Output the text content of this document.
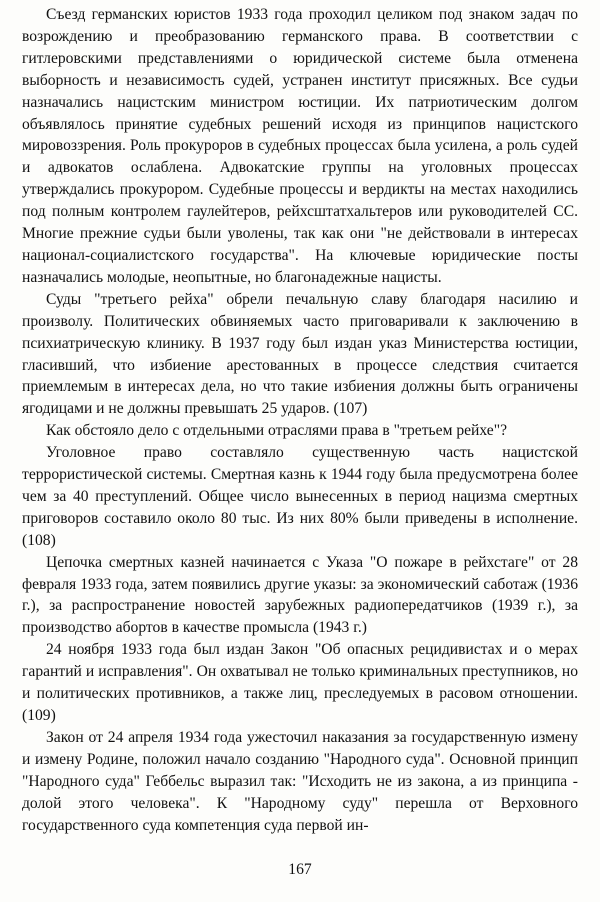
Съезд германских юристов 1933 года проходил целиком под знаком задач по возрождению и преобразованию германского права. В соответствии с гитлеровскими представлениями о юридической системе была отменена выборность и независимость судей, устранен институт присяжных. Все судьи назначались нацистским министром юстиции. Их патриотическим долгом объявлялось принятие судебных решений исходя из принципов нацистского мировоззрения. Роль прокуроров в судебных процессах была усилена, а роль судей и адвокатов ослаблена. Адвокатские группы на уголовных процессах утверждались прокурором. Судебные процессы и вердикты на местах находились под полным контролем гаулейтеров, рейхсштатхальтеров или руководителей СС. Многие прежние судьи были уволены, так как они "не действовали в интересах национал-социалистского государства". На ключевые юридические посты назначались молодые, неопытные, но благонадежные нацисты.

Суды "третьего рейха" обрели печальную славу благодаря насилию и произволу. Политических обвиняемых часто приговаривали к заключению в психиатрическую клинику. В 1937 году был издан указ Министерства юстиции, гласивший, что избиение арестованных в процессе следствия считается приемлемым в интересах дела, но что такие избиения должны быть ограничены ягодицами и не должны превышать 25 ударов. (107)

Как обстояло дело с отдельными отраслями права в "третьем рейхе"?

Уголовное право составляло существенную часть нацистской террористической системы. Смертная казнь к 1944 году была предусмотрена более чем за 40 преступлений. Общее число вынесенных в период нацизма смертных приговоров составило около 80 тыс. Из них 80% были приведены в исполнение. (108)

Цепочка смертных казней начинается с Указа "О пожаре в рейхстаге" от 28 февраля 1933 года, затем появились другие указы: за экономический саботаж (1936 г.), за распространение новостей зарубежных радиопередатчиков (1939 г.), за производство абортов в качестве промысла (1943 г.)

24 ноября 1933 года был издан Закон "Об опасных рецидивистах и о мерах гарантий и исправления". Он охватывал не только криминальных преступников, но и политических противников, а также лиц, преследуемых в расовом отношении. (109)

Закон от 24 апреля 1934 года ужесточил наказания за государственную измену и измену Родине, положил начало созданию "Народного суда". Основной принцип "Народного суда" Геббельс выразил так: "Исходить не из закона, а из принципа - долой этого человека". К "Народному суду" перешла от Верховного государственного суда компетенция суда первой ин-

167
